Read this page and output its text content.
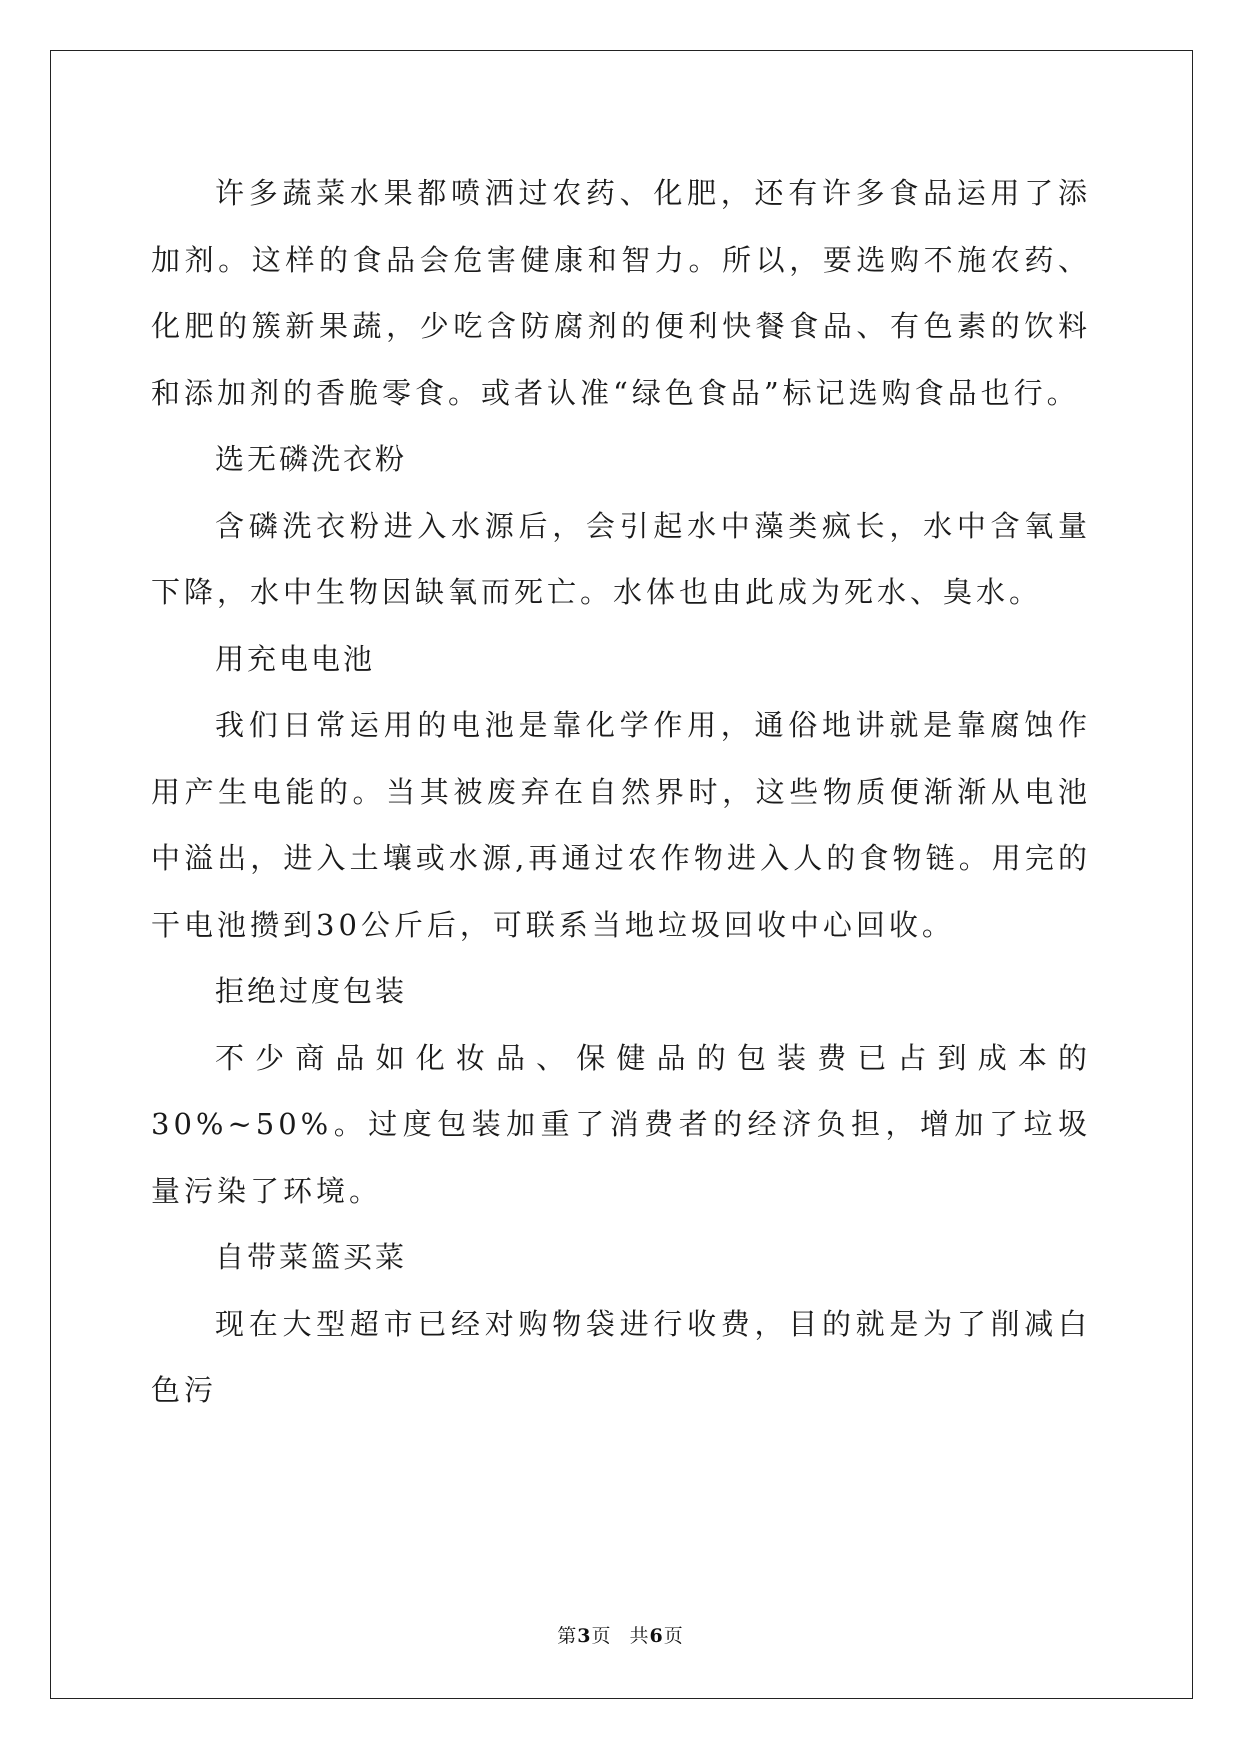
许多蔬菜水果都喷洒过农药、化肥，还有许多食品运用了添加剂。这样的食品会危害健康和智力。所以，要选购不施农药、化肥的簇新果蔬，少吃含防腐剂的便利快餐食品、有色素的饮料和添加剂的香脆零食。或者认准“绿色食品”标记选购食品也行。

选无磷洗衣粉

含磷洗衣粉进入水源后，会引起水中藻类疯长，水中含氧量下降，水中生物因缺氧而死亡。水体也由此成为死水、臭水。

用充电电池

我们日常运用的电池是靠化学作用，通俗地讲就是靠腐蚀作用产生电能的。当其被废弃在自然界时，这些物质便渐渐从电池中溢出，进入土壤或水源,再通过农作物进入人的食物链。用完的干电池攒到30公斤后，可联系当地垃圾回收中心回收。

拒绝过度包装

不少商品如化妆品、保健品的包装费已占到成本的30%~50%。过度包装加重了消费者的经济负担，增加了垃圾量污染了环境。

自带菜篮买菜

现在大型超市已经对购物袋进行收费，目的就是为了削减白色污

第3页 共6页
